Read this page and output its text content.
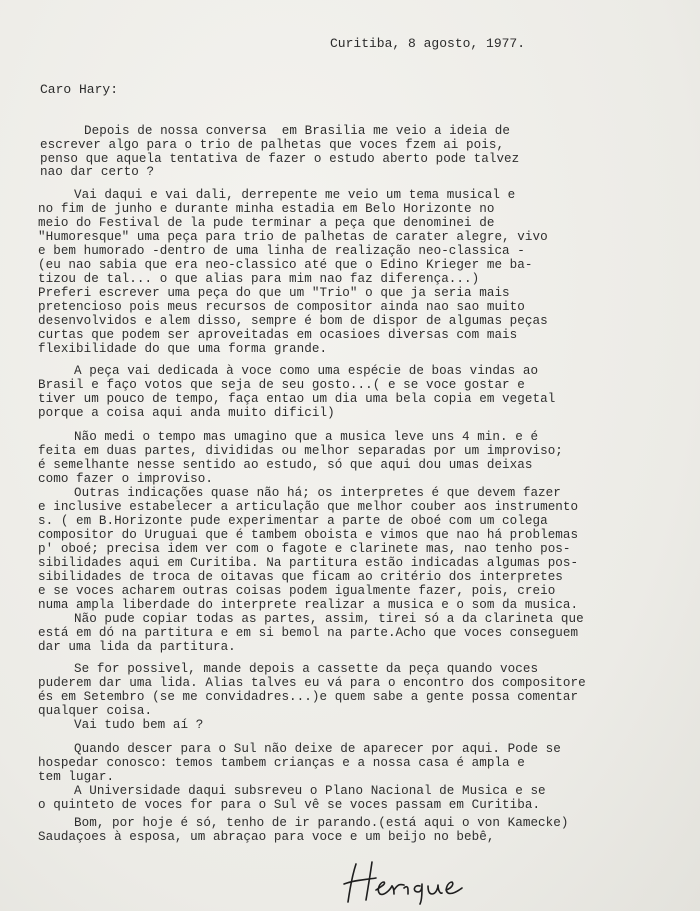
Curitiba, 8 agosto, 1977.
Caro Hary:
Depois de nossa conversa  em Brasilia me veio a ideia de
escrever algo para o trio de palhetas que voces fzem ai pois,
penso que aquela tentativa de fazer o estudo aberto pode talvez
nao dar certo ?
Vai daqui e vai dali, derrepente me veio um tema musical e
no fim de junho e durante minha estadia em Belo Horizonte no
meio do Festival de la pude terminar a peça que denominei de
"Humoresque" uma peça para trio de palhetas de carater alegre, vivo
e bem humorado -dentro de uma linha de realização neo-classica -
(eu nao sabia que era neo-classico até que o Edino Krieger me ba-
tizou de tal... o que alias para mim nao faz diferença...)
Preferi escrever uma peça do que um "Trio" o que ja seria mais
pretencioso pois meus recursos de compositor ainda nao sao muito
desenvolvidos e alem disso, sempre é bom de dispor de algumas peças
curtas que podem ser aproveitadas em ocasioes diversas com mais
flexibilidade do que uma forma grande.
A peça vai dedicada à voce como uma espécie de boas vindas ao
Brasil e faço votos que seja de seu gosto...( e se voce gostar e
tiver um pouco de tempo, faça entao um dia uma bela copia em vegetal
porque a coisa aqui anda muito dificil)
Não medi o tempo mas umagino que a musica leve uns 4 min. e é
feita em duas partes, divididas ou melhor separadas por um improviso;
é semelhante nesse sentido ao estudo, só que aqui dou umas deixas
como fazer o improviso.
Outras indicações quase não há; os interpretes é que devem fazer
e inclusive estabelecer a articulação que melhor couber aos instrumento
s. ( em B.Horizonte pude experimentar a parte de oboé com um colega
compositor do Uruguai que é tambem oboista e vimos que nao há problemas
p' oboé; precisa idem ver com o fagote e clarinete mas, nao tenho pos-
sibilidades aqui em Curitiba. Na partitura estão indicadas algumas pos-
sibilidades de troca de oitavas que ficam ao critério dos interpretes
e se voces acharem outras coisas podem igualmente fazer, pois, creio
numa ampla liberdade do interprete realizar a musica e o som da musica.
Não pude copiar todas as partes, assim, tirei só a da clarineta que
está em dó na partitura e em si bemol na parte.Acho que voces conseguem
dar uma lida da partitura.
Se for possivel, mande depois a cassette da peça quando voces
puderem dar uma lida. Alias talves eu vá para o encontro dos compositore
és em Setembro (se me convidadres...)e quem sabe a gente possa comentar
qualquer coisa.
Vai tudo bem aí ?
Quando descer para o Sul não deixe de aparecer por aqui. Pode se
hospedar conosco: temos tambem crianças e a nossa casa é ampla e
tem lugar.
A Universidade daqui subsreveu o Plano Nacional de Musica e se
o quinteto de voces for para o Sul vê se voces passam em Curitiba.
Bom, por hoje é só, tenho de ir parando.(está aqui o von Kamecke)
Saudaçoes à esposa, um abraçao para voce e um beijo no bebê,
